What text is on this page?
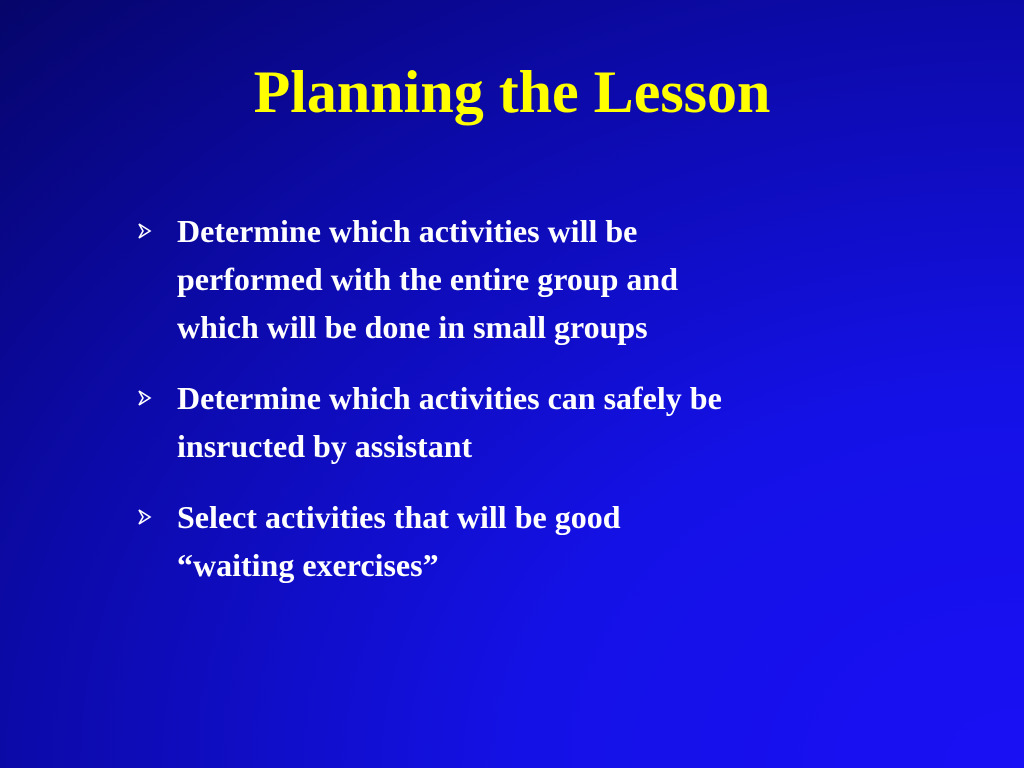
Planning the Lesson
Determine which activities will be
performed with the entire group and
which will be done in small groups
Determine which activities can safely be
insructed by assistant
Select activities that will be good
“waiting exercises”
